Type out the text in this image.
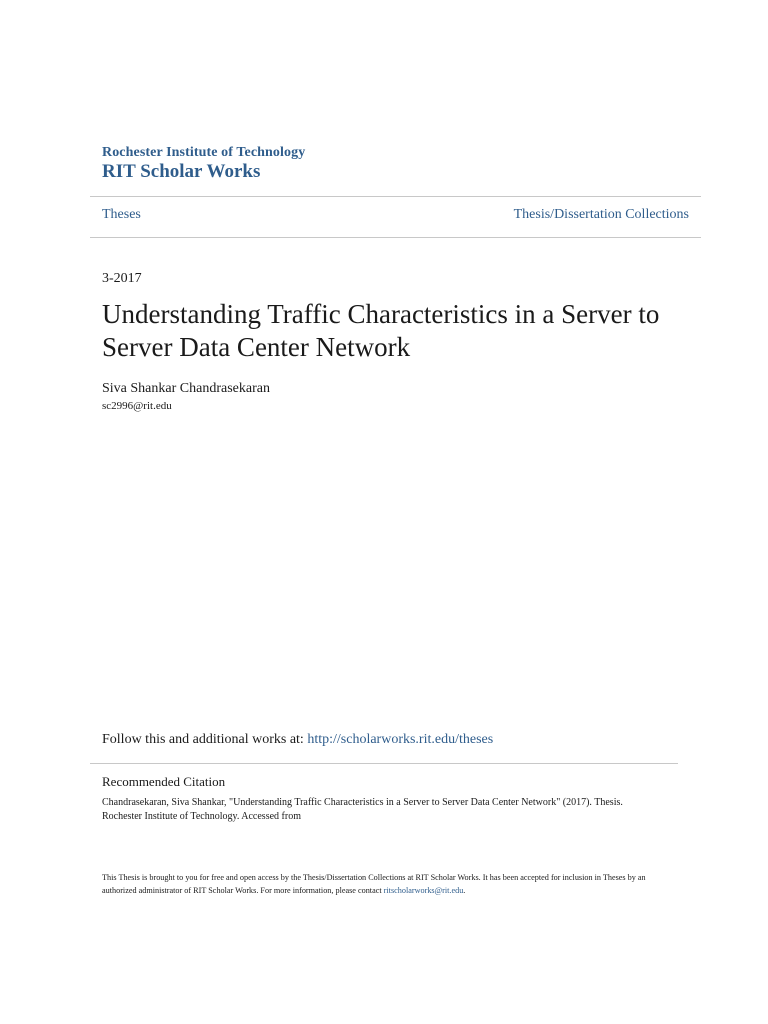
Rochester Institute of Technology
RIT Scholar Works
Theses	Thesis/Dissertation Collections
3-2017
Understanding Traffic Characteristics in a Server to Server Data Center Network
Siva Shankar Chandrasekaran
sc2996@rit.edu
Follow this and additional works at: http://scholarworks.rit.edu/theses
Recommended Citation
Chandrasekaran, Siva Shankar, "Understanding Traffic Characteristics in a Server to Server Data Center Network" (2017). Thesis. Rochester Institute of Technology. Accessed from
This Thesis is brought to you for free and open access by the Thesis/Dissertation Collections at RIT Scholar Works. It has been accepted for inclusion in Theses by an authorized administrator of RIT Scholar Works. For more information, please contact ritscholarworks@rit.edu.
